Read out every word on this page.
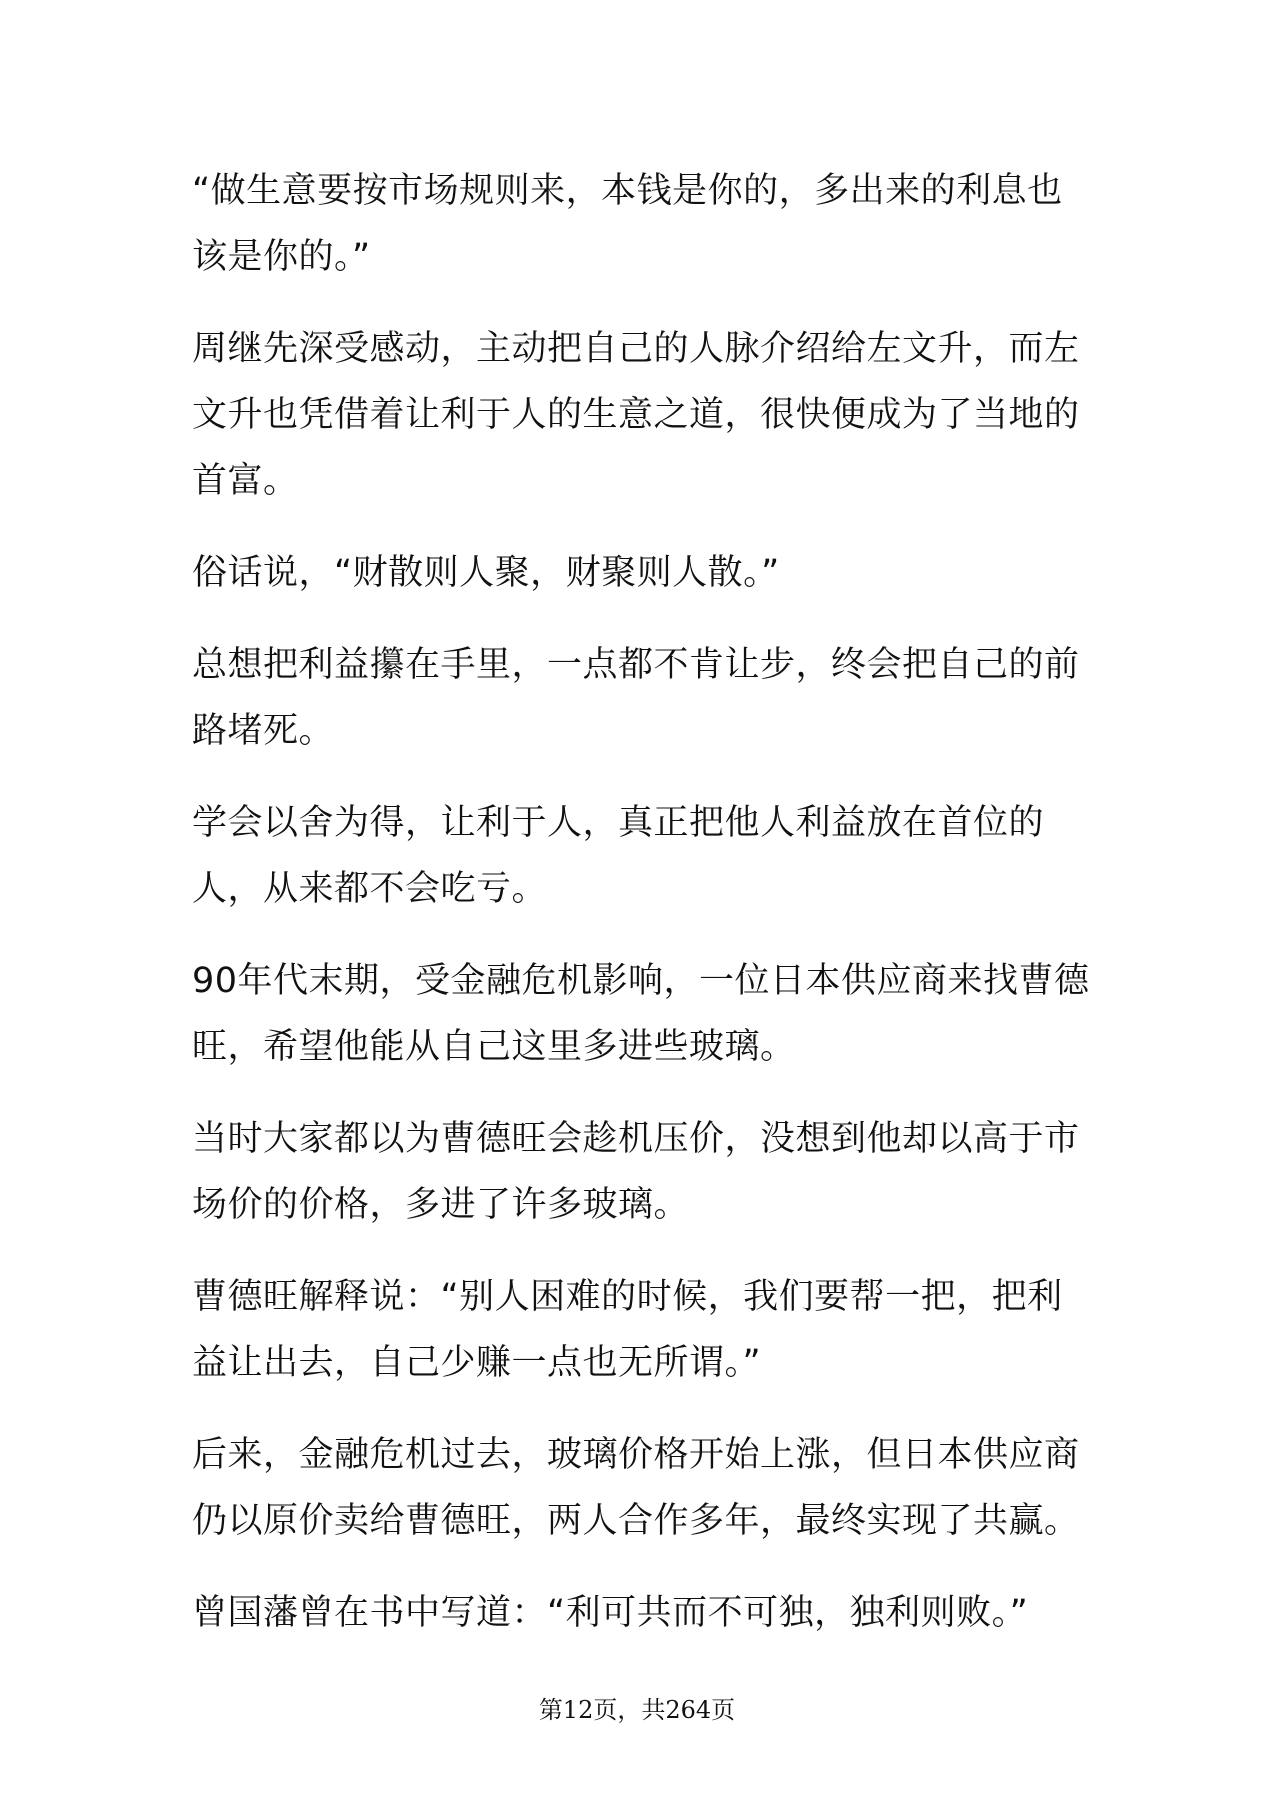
“做生意要按市场规则来，本钱是你的，多出来的利息也该是你的。”

周继先深受感动，主动把自己的人脉介绍给左文升，而左文升也凭借着让利于人的生意之道，很快便成为了当地的首富。

俗话说，“财散则人聚，财聚则人散。”

总想把利益攥在手里，一点都不肯让步，终会把自己的前路堵死。

学会以舍为得，让利于人，真正把他人利益放在首位的人，从来都不会吃亏。

90年代末期，受金融危机影响，一位日本供应商来找曹德旺，希望他能从自己这里多进些玻璃。

当时大家都以为曹德旺会趁机压价，没想到他却以高于市场价的价格，多进了许多玻璃。

曹德旺解释说：“别人困难的时候，我们要帮一把，把利益让出去，自己少赚一点也无所谓。”

后来，金融危机过去，玻璃价格开始上涨，但日本供应商仍以原价卖给曹德旺，两人合作多年，最终实现了共赢。

曾国藩曾在书中写道：“利可共而不可独，独利则败。”

第12页，共264页
